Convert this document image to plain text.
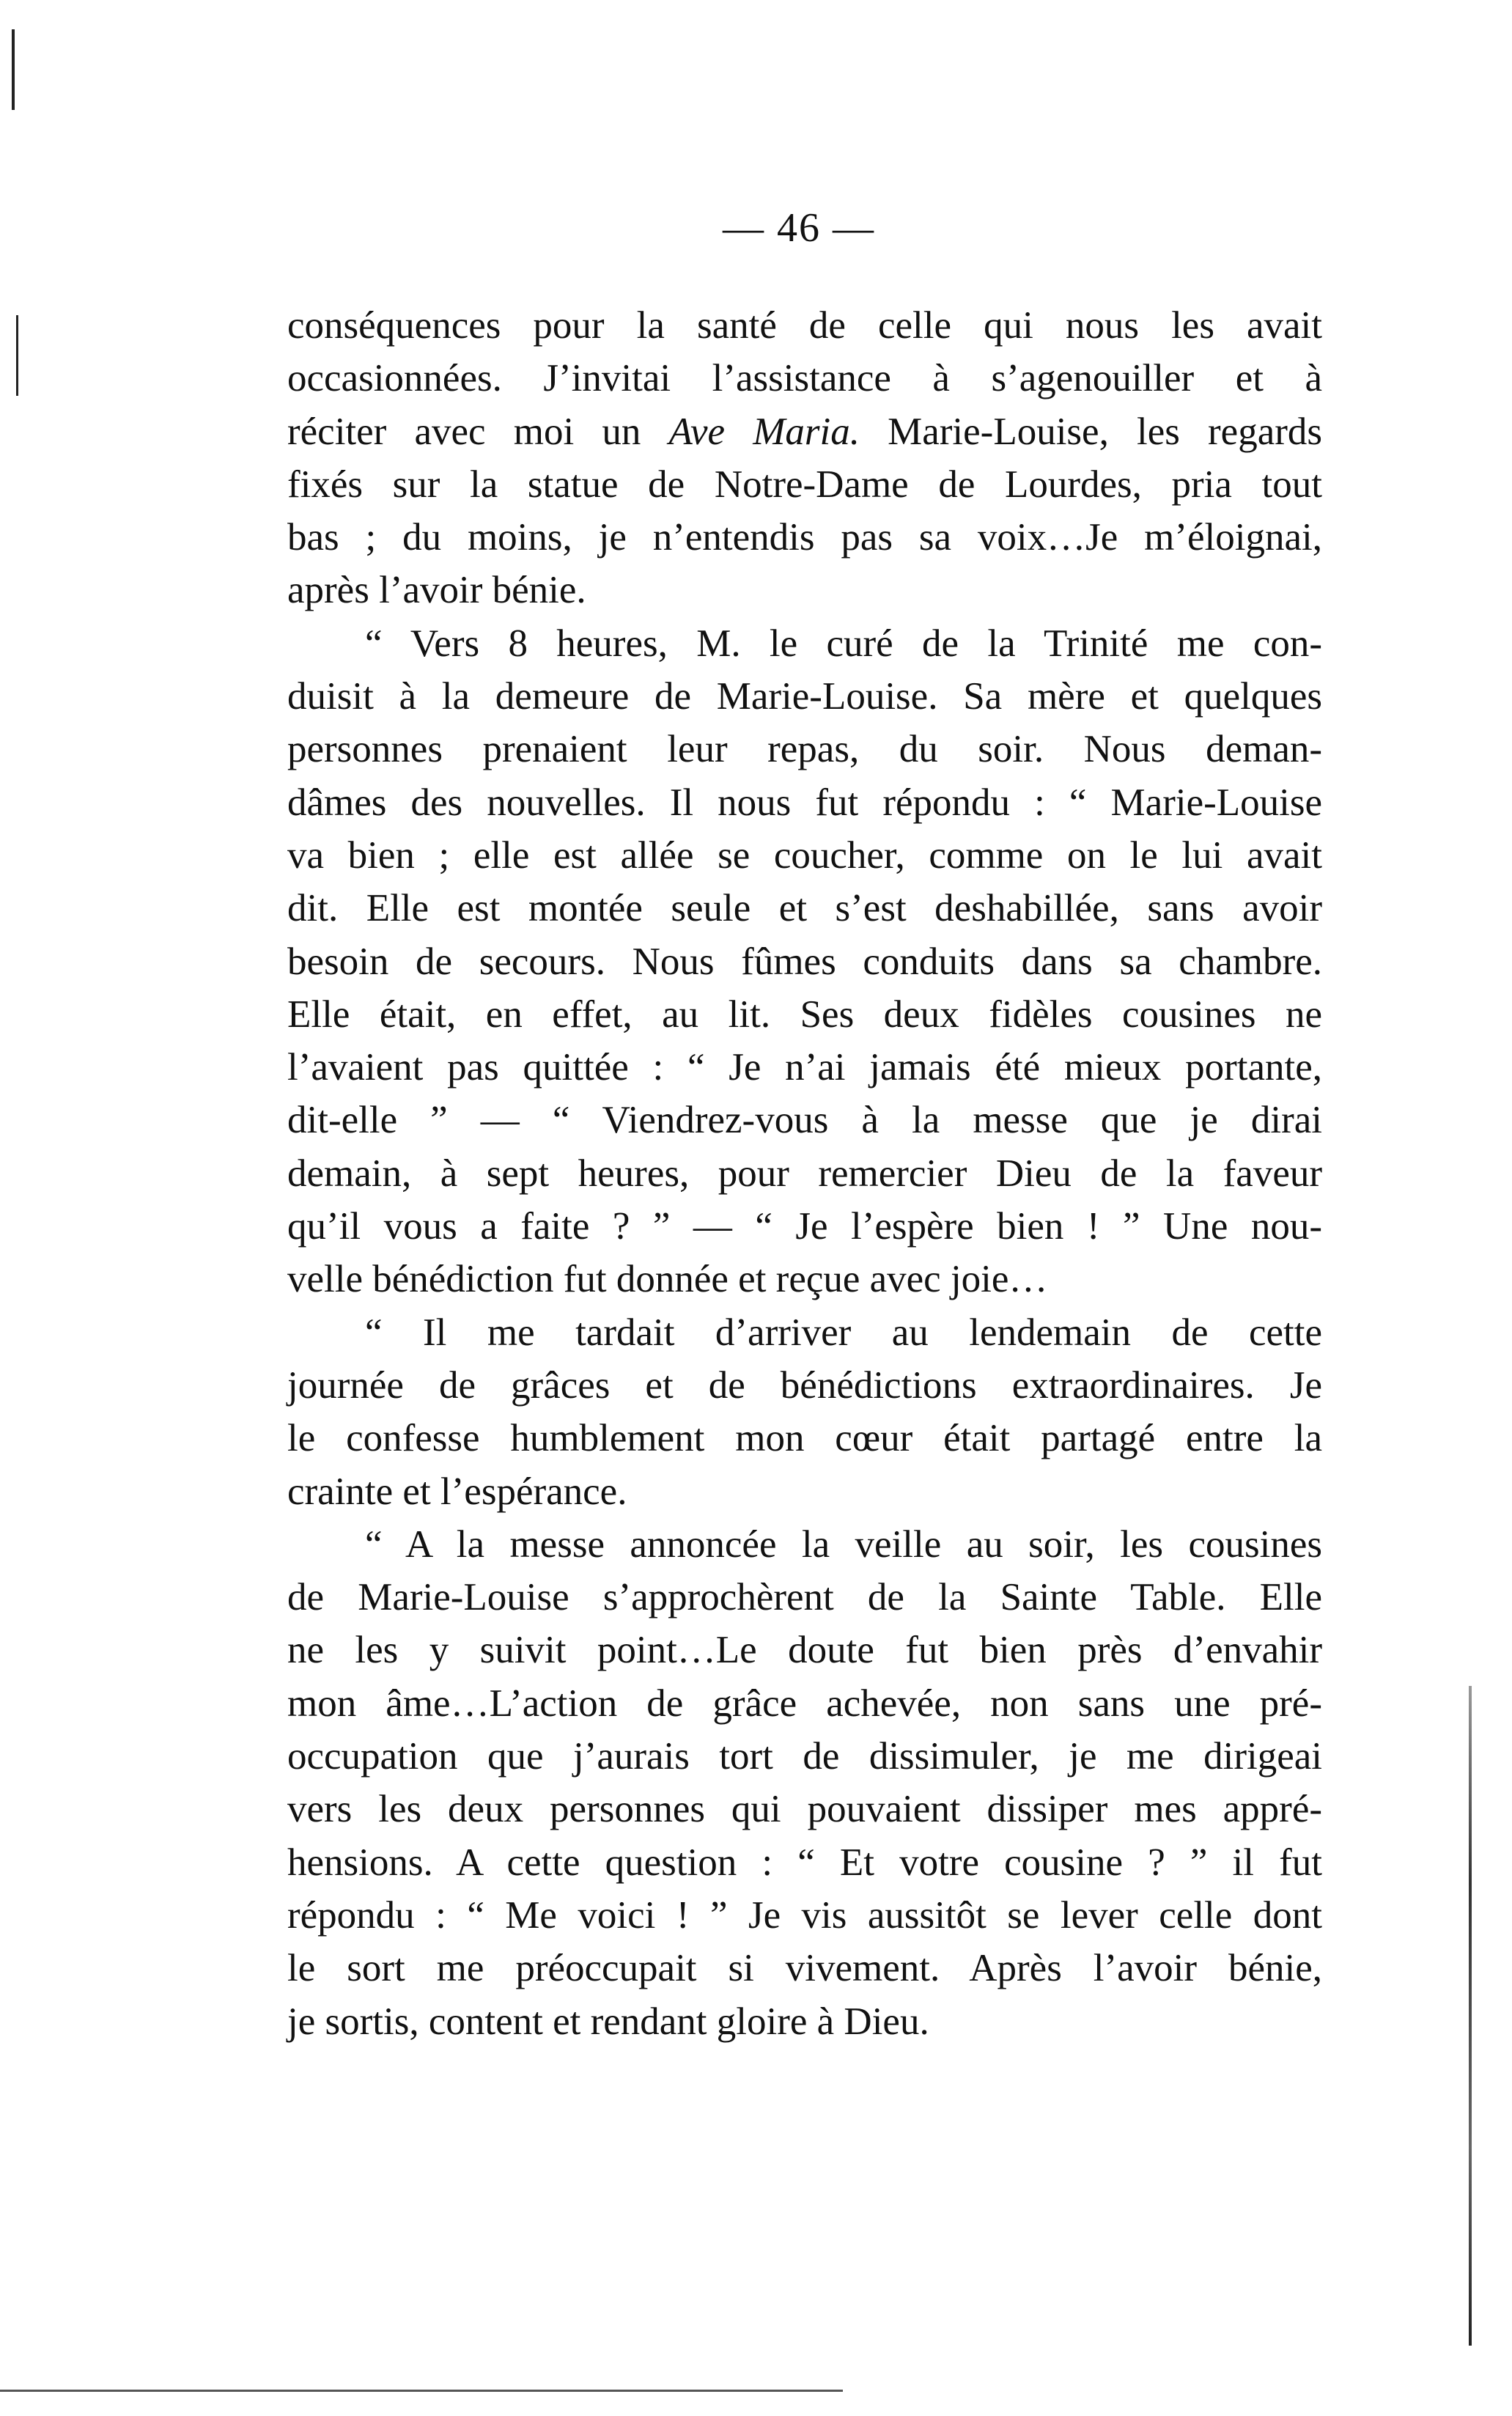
— 46 —
conséquences pour la santé de celle qui nous les avait
occasionnées. J’invitai l’assistance à s’agenouiller et à
réciter avec moi un Ave Maria. Marie-Louise, les regards
fixés sur la statue de Notre-Dame de Lourdes, pria tout
bas ; du moins, je n’entendis pas sa voix…Je m’éloignai,
après l’avoir bénie.
“ Vers 8 heures, M. le curé de la Trinité me con-
duisit à la demeure de Marie-Louise. Sa mère et quelques
personnes prenaient leur repas, du soir. Nous deman-
dâmes des nouvelles. Il nous fut répondu : “ Marie-Louise
va bien ; elle est allée se coucher, comme on le lui avait
dit. Elle est montée seule et s’est deshabillée, sans avoir
besoin de secours. Nous fûmes conduits dans sa chambre.
Elle était, en effet, au lit. Ses deux fidèles cousines ne
l’avaient pas quittée : “ Je n’ai jamais été mieux portante,
dit-elle ” — “ Viendrez-vous à la messe que je dirai
demain, à sept heures, pour remercier Dieu de la faveur
qu’il vous a faite ? ” — “ Je l’espère bien ! ” Une nou-
velle bénédiction fut donnée et reçue avec joie…
“ Il me tardait d’arriver au lendemain de cette
journée de grâces et de bénédictions extraordinaires. Je
le confesse humblement mon cœur était partagé entre la
crainte et l’espérance.
“ A la messe annoncée la veille au soir, les cousines
de Marie-Louise s’approchèrent de la Sainte Table. Elle
ne les y suivit point…Le doute fut bien près d’envahir
mon âme…L’action de grâce achevée, non sans une pré-
occupation que j’aurais tort de dissimuler, je me dirigeai
vers les deux personnes qui pouvaient dissiper mes appré-
hensions. A cette question : “ Et votre cousine ? ” il fut
répondu : “ Me voici ! ” Je vis aussitôt se lever celle dont
le sort me préoccupait si vivement. Après l’avoir bénie,
je sortis, content et rendant gloire à Dieu.
